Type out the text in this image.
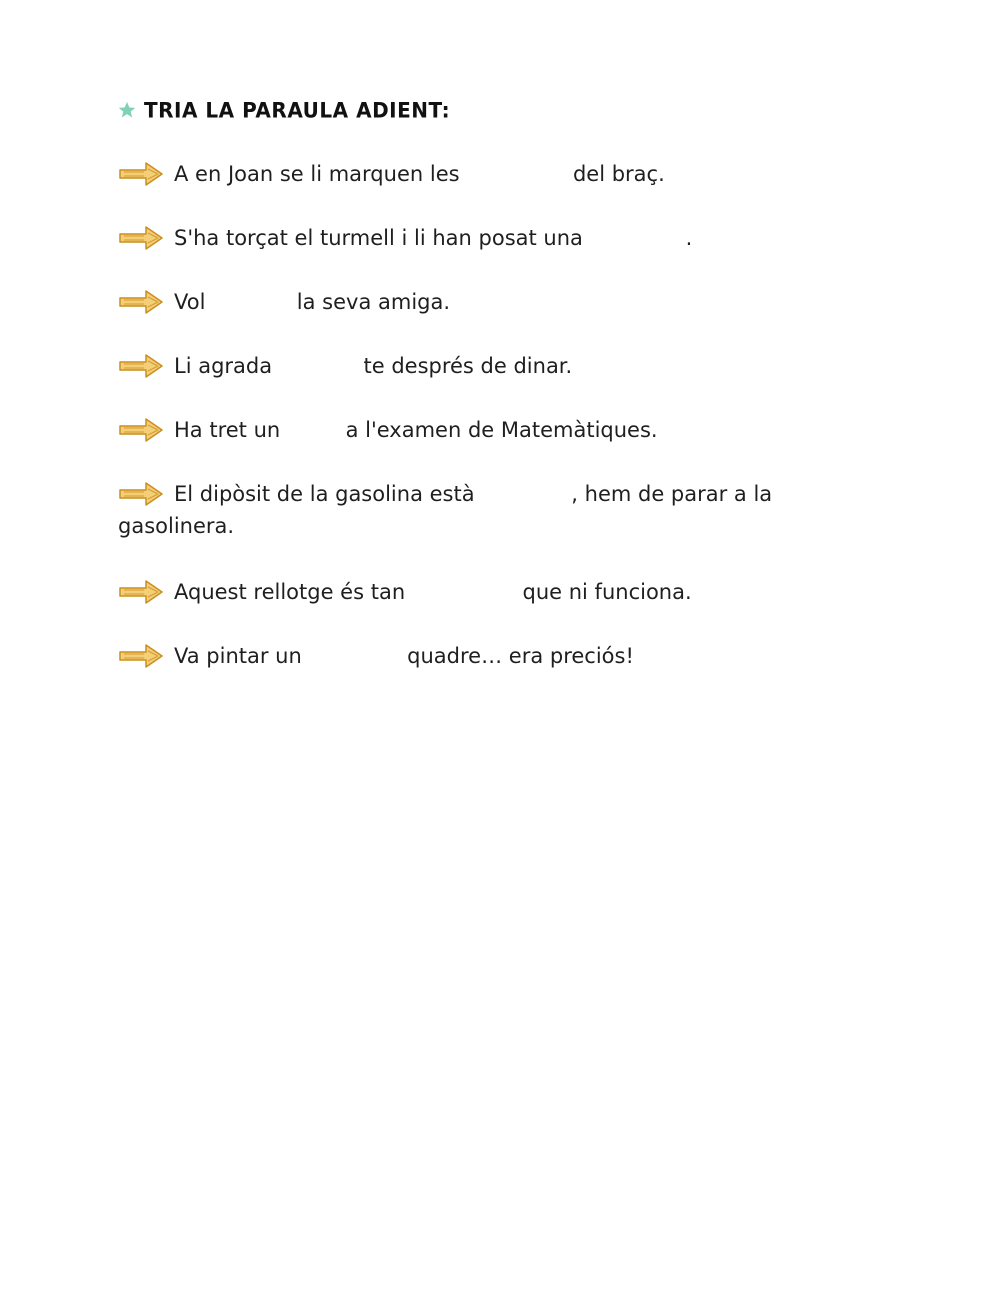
TRIA LA PARAULA ADIENT:
A en Joan se li marquen les	del braç.
S'ha torçat el turmell i li han posat una	.
Vol	la seva amiga.
Li agrada	te després de dinar.
Ha tret un	a l'examen de Matemàtiques.
El dipòsit de la gasolina està	, hem de parar a la gasolinera.
Aquest rellotge és tan	que ni funciona.
Va pintar un	quadre… era preciós!
